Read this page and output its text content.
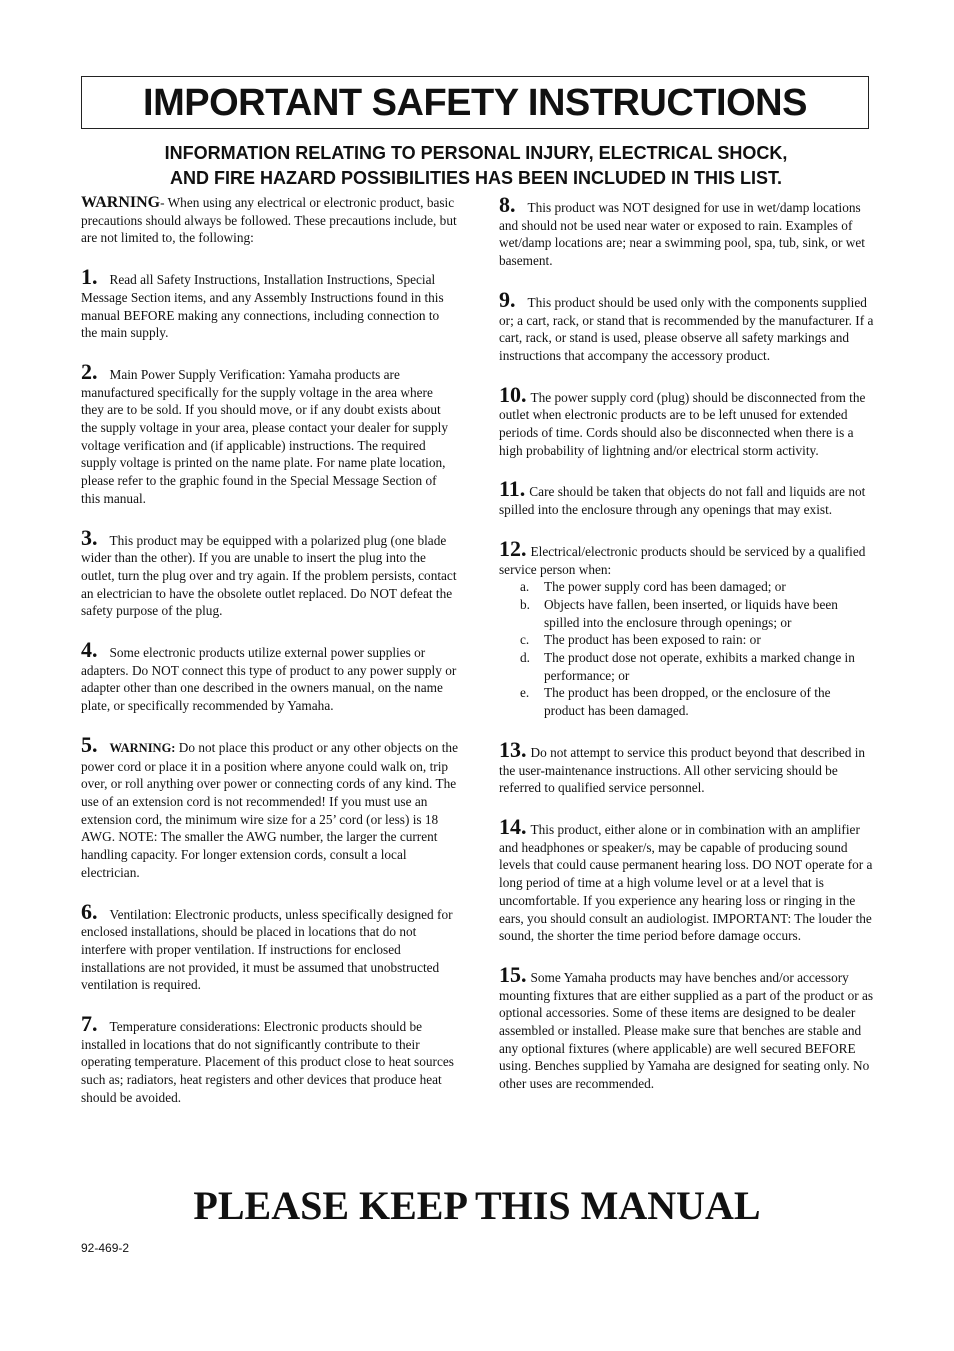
IMPORTANT SAFETY INSTRUCTIONS
INFORMATION RELATING TO PERSONAL INJURY, ELECTRICAL SHOCK,
AND FIRE HAZARD POSSIBILITIES HAS BEEN INCLUDED IN THIS LIST.

WARNING- When using any electrical or electronic product, basic precautions should always be followed. These precautions include, but are not limited to, the following:

1. Read all Safety Instructions, Installation Instructions, Special Message Section items, and any Assembly Instructions found in this manual BEFORE making any connections, including connection to the main supply.

2. Main Power Supply Verification: Yamaha products are manufactured specifically for the supply voltage in the area where they are to be sold. If you should move, or if any doubt exists about the supply voltage in your area, please contact your dealer for supply voltage verification and (if applicable) instructions. The required supply voltage is printed on the name plate. For name plate location, please refer to the graphic found in the Special Message Section of this manual.

3. This product may be equipped with a polarized plug (one blade wider than the other). If you are unable to insert the plug into the outlet, turn the plug over and try again. If the problem persists, contact an electrician to have the obsolete outlet replaced. Do NOT defeat the safety purpose of the plug.

4. Some electronic products utilize external power supplies or adapters. Do NOT connect this type of product to any power supply or adapter other than one described in the owners manual, on the name plate, or specifically recommended by Yamaha.

5. WARNING: Do not place this product or any other objects on the power cord or place it in a position where anyone could walk on, trip over, or roll anything over power or connecting cords of any kind. The use of an extension cord is not recommended! If you must use an extension cord, the minimum wire size for a 25’ cord (or less) is 18 AWG. NOTE: The smaller the AWG number, the larger the current handling capacity. For longer extension cords, consult a local electrician.

6. Ventilation: Electronic products, unless specifically designed for enclosed installations, should be placed in locations that do not interfere with proper ventilation. If instructions for enclosed installations are not provided, it must be assumed that unobstructed ventilation is required.

7. Temperature considerations: Electronic products should be installed in locations that do not significantly contribute to their operating temperature. Placement of this product close to heat sources such as; radiators, heat registers and other devices that produce heat should be avoided.

8. This product was NOT designed for use in wet/damp locations and should not be used near water or exposed to rain. Examples of wet/damp locations are; near a swimming pool, spa, tub, sink, or wet basement.

9. This product should be used only with the components supplied or; a cart, rack, or stand that is recommended by the manufacturer. If a cart, rack, or stand is used, please observe all safety markings and instructions that accompany the accessory product.

10. The power supply cord (plug) should be disconnected from the outlet when electronic products are to be left unused for extended periods of time. Cords should also be disconnected when there is a high probability of lightning and/or electrical storm activity.

11. Care should be taken that objects do not fall and liquids are not spilled into the enclosure through any openings that may exist.

12. Electrical/electronic products should be serviced by a qualified service person when:
a.	The power supply cord has been damaged; or
b.	Objects have fallen, been inserted, or liquids have been spilled into the enclosure through openings; or
c.	The product has been exposed to rain: or
d.	The product dose not operate, exhibits a marked change in performance; or
e.	The product has been dropped, or the enclosure of the product has been damaged.

13. Do not attempt to service this product beyond that described in the user-maintenance instructions. All other servicing should be referred to qualified service personnel.

14. This product, either alone or in combination with an amplifier and headphones or speaker/s, may be capable of producing sound levels that could cause permanent hearing loss. DO NOT operate for a long period of time at a high volume level or at a level that is uncomfortable. If you experience any hearing loss or ringing in the ears, you should consult an audiologist. IMPORTANT: The louder the sound, the shorter the time period before damage occurs.

15. Some Yamaha products may have benches and/or accessory mounting fixtures that are either supplied as a part of the product or as optional accessories. Some of these items are designed to be dealer assembled or installed. Please make sure that benches are stable and any optional fixtures (where applicable) are well secured BEFORE using. Benches supplied by Yamaha are designed for seating only. No other uses are recommended.

PLEASE KEEP THIS MANUAL
92-469-2
